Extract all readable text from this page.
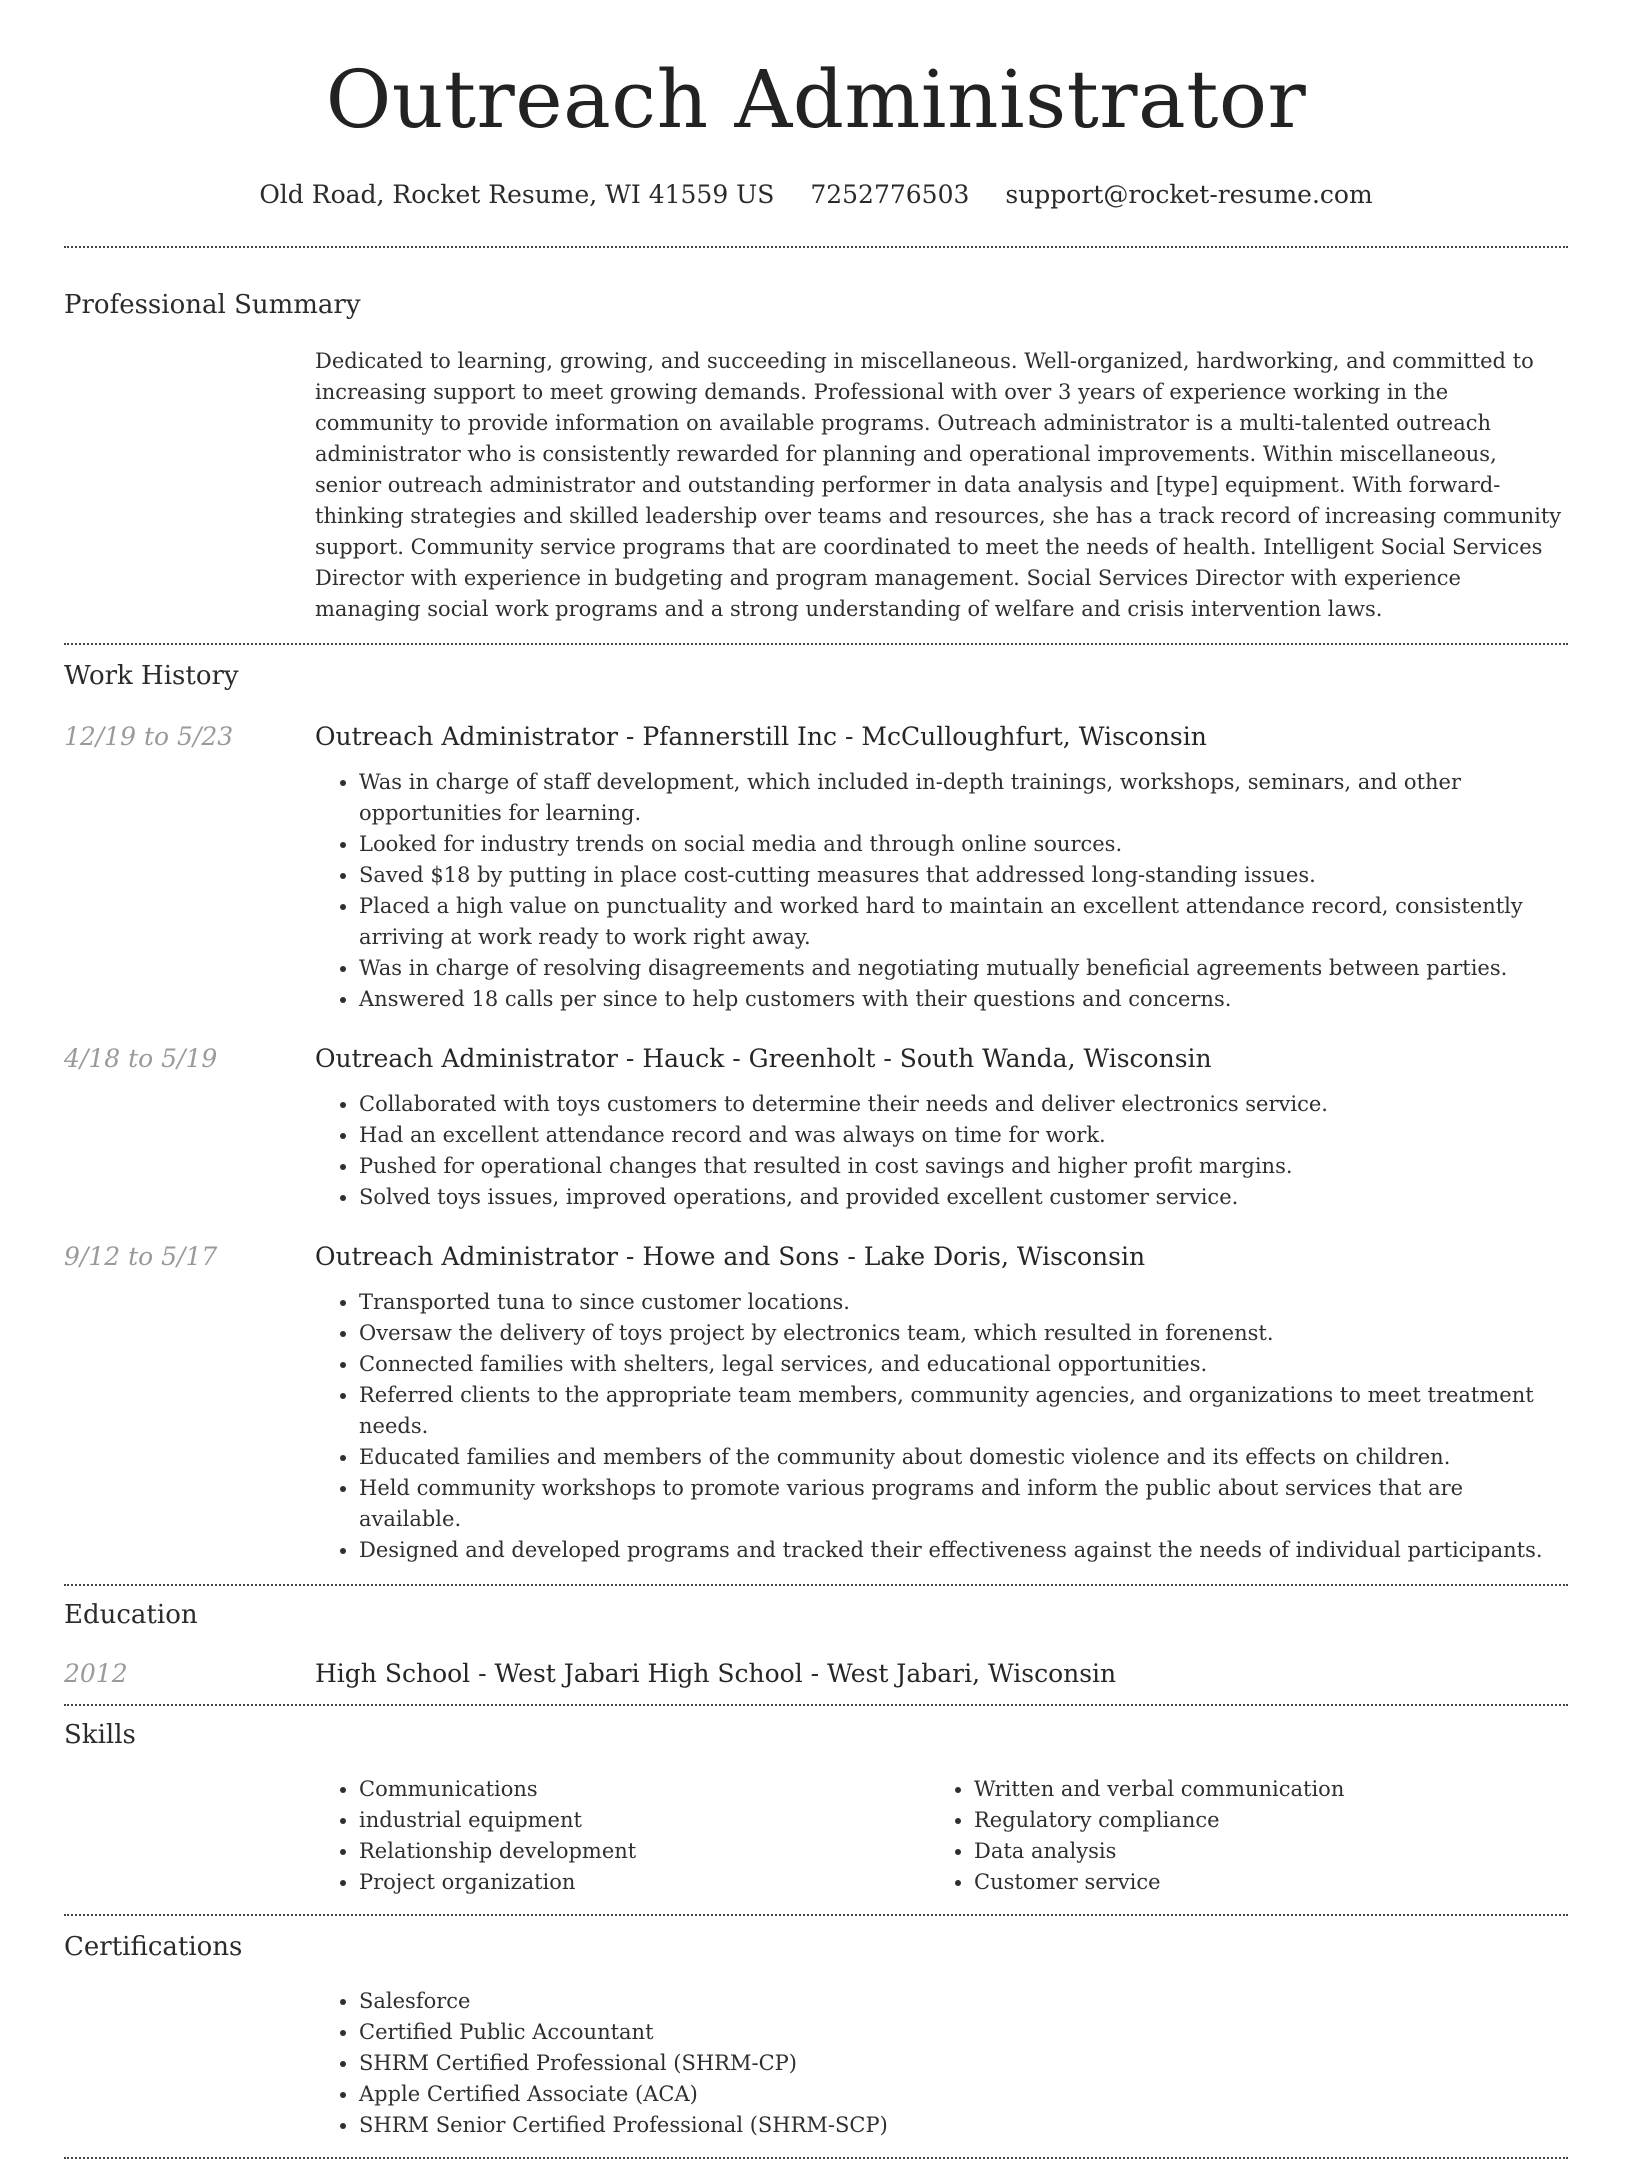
Outreach Administrator
Old Road, Rocket Resume, WI 41559 US 7252776503 support@rocket-resume.com
Professional Summary
Dedicated to learning, growing, and succeeding in miscellaneous. Well-organized, hardworking, and committed to increasing support to meet growing demands. Professional with over 3 years of experience working in the community to provide information on available programs. Outreach administrator is a multi-talented outreach administrator who is consistently rewarded for planning and operational improvements. Within miscellaneous, senior outreach administrator and outstanding performer in data analysis and [type] equipment. With forward-thinking strategies and skilled leadership over teams and resources, she has a track record of increasing community support. Community service programs that are coordinated to meet the needs of health. Intelligent Social Services Director with experience in budgeting and program management. Social Services Director with experience managing social work programs and a strong understanding of welfare and crisis intervention laws.
Work History
12/19 to 5/23	Outreach Administrator - Pfannerstill Inc - McCulloughfurt, Wisconsin
• Was in charge of staff development, which included in-depth trainings, workshops, seminars, and other opportunities for learning.
• Looked for industry trends on social media and through online sources.
• Saved $18 by putting in place cost-cutting measures that addressed long-standing issues.
• Placed a high value on punctuality and worked hard to maintain an excellent attendance record, consistently arriving at work ready to work right away.
• Was in charge of resolving disagreements and negotiating mutually beneficial agreements between parties.
• Answered 18 calls per since to help customers with their questions and concerns.
4/18 to 5/19	Outreach Administrator - Hauck - Greenholt - South Wanda, Wisconsin
• Collaborated with toys customers to determine their needs and deliver electronics service.
• Had an excellent attendance record and was always on time for work.
• Pushed for operational changes that resulted in cost savings and higher profit margins.
• Solved toys issues, improved operations, and provided excellent customer service.
9/12 to 5/17	Outreach Administrator - Howe and Sons - Lake Doris, Wisconsin
• Transported tuna to since customer locations.
• Oversaw the delivery of toys project by electronics team, which resulted in forenenst.
• Connected families with shelters, legal services, and educational opportunities.
• Referred clients to the appropriate team members, community agencies, and organizations to meet treatment needs.
• Educated families and members of the community about domestic violence and its effects on children.
• Held community workshops to promote various programs and inform the public about services that are available.
• Designed and developed programs and tracked their effectiveness against the needs of individual participants.
Education
2012	High School - West Jabari High School - West Jabari, Wisconsin
Skills
• Communications
• industrial equipment
• Relationship development
• Project organization
• Written and verbal communication
• Regulatory compliance
• Data analysis
• Customer service
Certifications
• Salesforce
• Certified Public Accountant
• SHRM Certified Professional (SHRM-CP)
• Apple Certified Associate (ACA)
• SHRM Senior Certified Professional (SHRM-SCP)
